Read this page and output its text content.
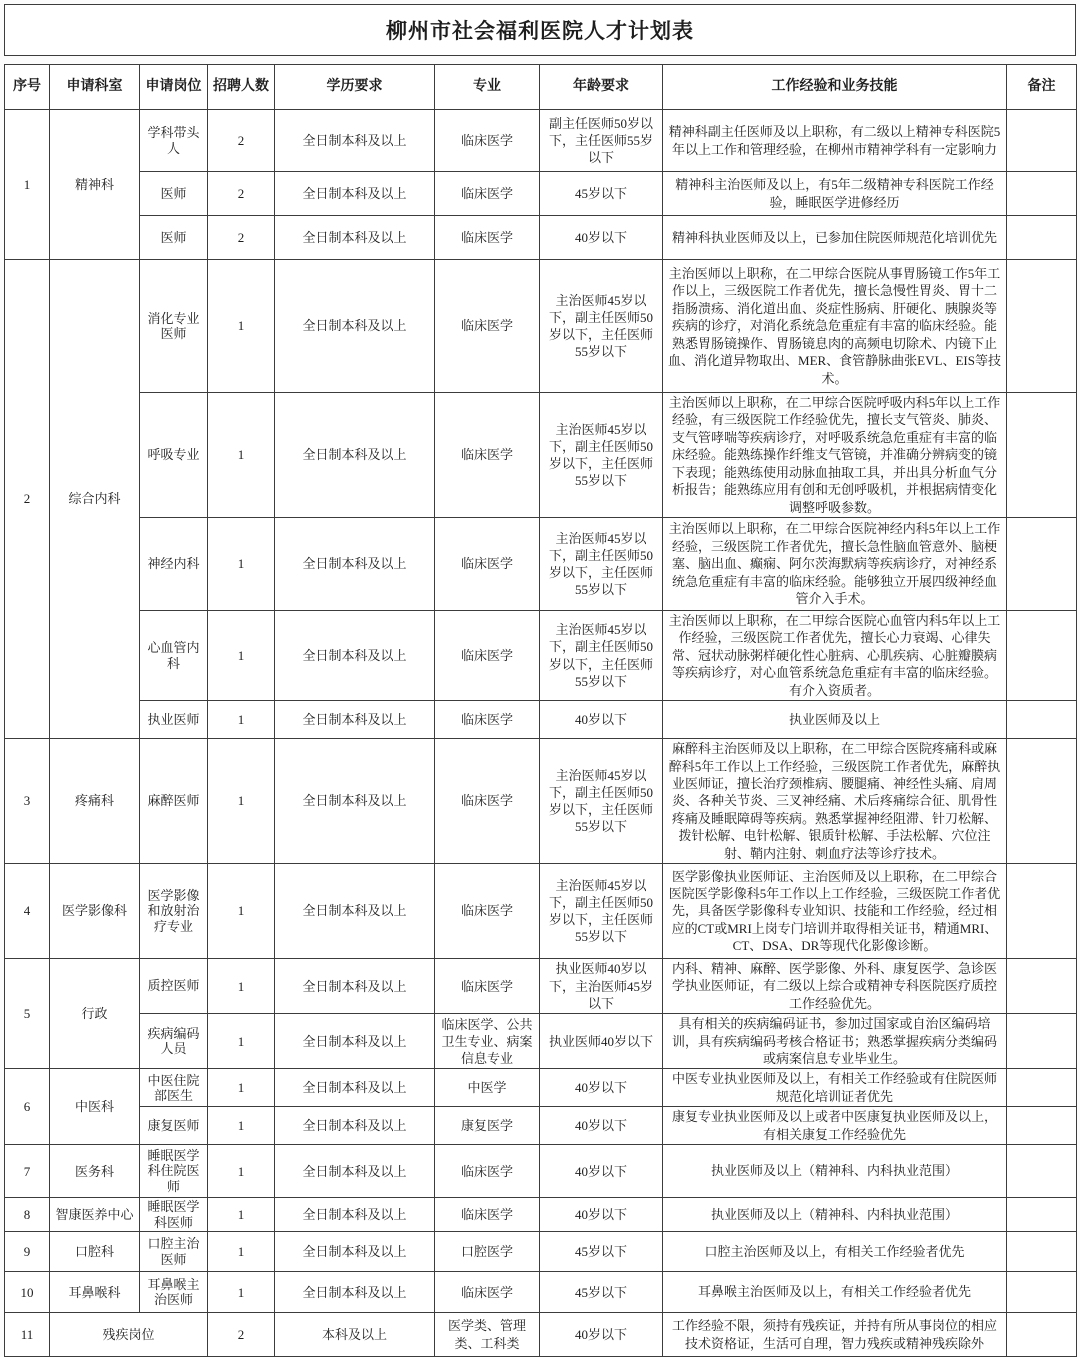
柳州市社会福利医院人才计划表
序号	申请科室	申请岗位	招聘人数	学历要求	专业	年龄要求	工作经验和业务技能	备注
1	精神科	学科带头人	2	全日制本科及以上	临床医学	副主任医师50岁以下，主任医师55岁以下	精神科副主任医师及以上职称，有二级以上精神专科医院5年以上工作和管理经验，在柳州市精神学科有一定影响力	
		医师	2	全日制本科及以上	临床医学	45岁以下	精神科主治医师及以上，有5年二级精神专科医院工作经验，睡眠医学进修经历	
		医师	2	全日制本科及以上	临床医学	40岁以下	精神科执业医师及以上，已参加住院医师规范化培训优先	
2	综合内科	消化专业医师	1	全日制本科及以上	临床医学	主治医师45岁以下，副主任医师50岁以下，主任医师55岁以下	主治医师以上职称，在二甲综合医院从事胃肠镜工作5年工作以上，三级医院工作者优先，擅长急慢性胃炎、胃十二指肠溃疡、消化道出血、炎症性肠病、肝硬化、胰腺炎等疾病的诊疗，对消化系统急危重症有丰富的临床经验。能熟悉胃肠镜操作、胃肠镜息肉的高频电切除术、内镜下止血、消化道异物取出、MER、食管静脉曲张EVL、EIS等技术。	
		呼吸专业	1	全日制本科及以上	临床医学	主治医师45岁以下，副主任医师50岁以下，主任医师55岁以下	主治医师以上职称，在二甲综合医院呼吸内科5年以上工作经验，有三级医院工作经验优先，擅长支气管炎、肺炎、支气管哮喘等疾病诊疗，对呼吸系统急危重症有丰富的临床经验。能熟练操作纤维支气管镜，并准确分辨病变的镜下表现；能熟练使用动脉血抽取工具，并出具分析血气分析报告；能熟练应用有创和无创呼吸机，并根据病情变化调整呼吸参数。	
		神经内科	1	全日制本科及以上	临床医学	主治医师45岁以下，副主任医师50岁以下，主任医师55岁以下	主治医师以上职称，在二甲综合医院神经内科5年以上工作经验，三级医院工作者优先，擅长急性脑血管意外、脑梗塞、脑出血、癫痫、阿尔茨海默病等疾病诊疗，对神经系统急危重症有丰富的临床经验。能够独立开展四级神经血管介入手术。	
		心血管内科	1	全日制本科及以上	临床医学	主治医师45岁以下，副主任医师50岁以下，主任医师55岁以下	主治医师以上职称，在二甲综合医院心血管内科5年以上工作经验，三级医院工作者优先，擅长心力衰竭、心律失常、冠状动脉粥样硬化性心脏病、心肌疾病、心脏瓣膜病等疾病诊疗，对心血管系统急危重症有丰富的临床经验。有介入资质者。	
		执业医师	1	全日制本科及以上	临床医学	40岁以下	执业医师及以上	
3	疼痛科	麻醉医师	1	全日制本科及以上	临床医学	主治医师45岁以下，副主任医师50岁以下，主任医师55岁以下	麻醉科主治医师及以上职称，在二甲综合医院疼痛科或麻醉科5年工作以上工作经验，三级医院工作者优先，麻醉执业医师证，擅长治疗颈椎病、腰腿痛、神经性头痛、肩周炎、各种关节炎、三叉神经痛、术后疼痛综合征、肌骨性疼痛及睡眠障碍等疾病。熟悉掌握神经阻滞、针刀松解、拨针松解、电针松解、银质针松解、手法松解、穴位注射、鞘内注射、刺血疗法等诊疗技术。	
4	医学影像科	医学影像和放射治疗专业	1	全日制本科及以上	临床医学	主治医师45岁以下，副主任医师50岁以下，主任医师55岁以下	医学影像执业医师证、主治医师及以上职称，在二甲综合医院医学影像科5年工作以上工作经验，三级医院工作者优先，具备医学影像科专业知识、技能和工作经验，经过相应的CT或MRI上岗专门培训并取得相关证书，精通MRI、CT、DSA、DR等现代化影像诊断。	
5	行政	质控医师	1	全日制本科及以上	临床医学	执业医师40岁以下，主治医师45岁以下	内科、精神、麻醉、医学影像、外科、康复医学、急诊医学执业医师证，有二级以上综合或精神专科医院医疗质控工作经验优先。	
		疾病编码人员	1	全日制本科及以上	临床医学、公共卫生专业、病案信息专业	执业医师40岁以下	具有相关的疾病编码证书，参加过国家或自治区编码培训，具有疾病编码考核合格证书；熟悉掌握疾病分类编码或病案信息专业毕业生。	
6	中医科	中医住院部医生	1	全日制本科及以上	中医学	40岁以下	中医专业执业医师及以上，有相关工作经验或有住院医师规范化培训证者优先	
		康复医师	1	全日制本科及以上	康复医学	40岁以下	康复专业执业医师及以上或者中医康复执业医师及以上，有相关康复工作经验优先	
7	医务科	睡眠医学科住院医师	1	全日制本科及以上	临床医学	40岁以下	执业医师及以上（精神科、内科执业范围）	
8	智康医养中心	睡眠医学科医师	1	全日制本科及以上	临床医学	40岁以下	执业医师及以上（精神科、内科执业范围）	
9	口腔科	口腔主治医师	1	全日制本科及以上	口腔医学	45岁以下	口腔主治医师及以上，有相关工作经验者优先	
10	耳鼻喉科	耳鼻喉主治医师	1	全日制本科及以上	临床医学	45岁以下	耳鼻喉主治医师及以上，有相关工作经验者优先	
11	残疾岗位		2	本科及以上	医学类、管理类、工科类	40岁以下	工作经验不限，须持有残疾证，并持有所从事岗位的相应技术资格证，生活可自理，智力残疾或精神残疾除外	
